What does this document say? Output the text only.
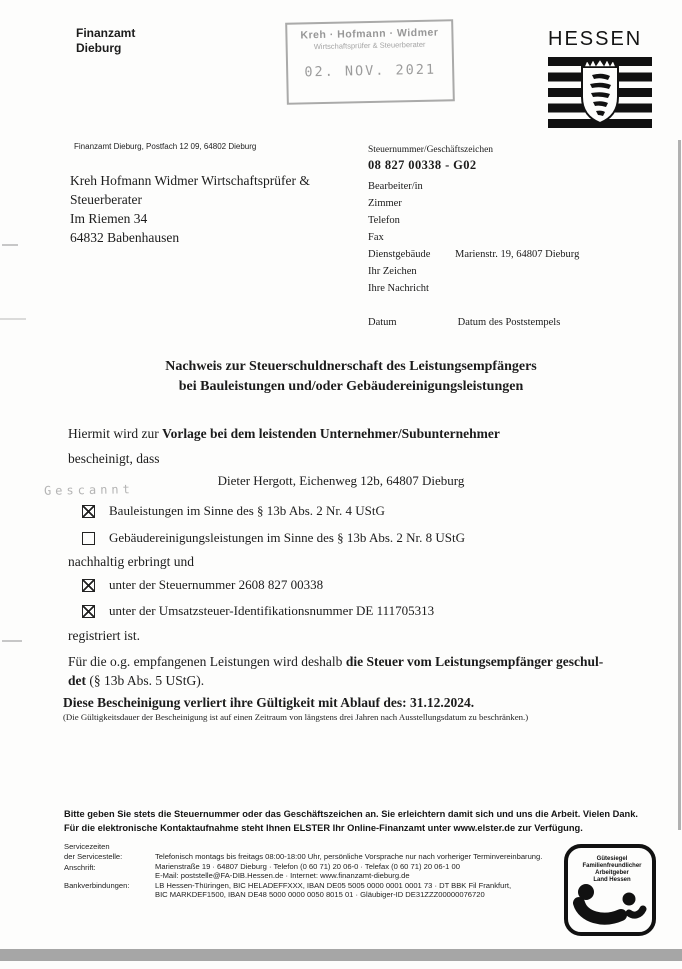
Finanzamt
Dieburg
Kreh · Hofmann · Widmer
Wirtschaftsprüfer & Steuerberater
02. NOV. 2021
HESSEN
Finanzamt Dieburg, Postfach 12 09, 64802 Dieburg
Kreh Hofmann Widmer Wirtschaftsprüfer &
Steuerberater
Im Riemen 34
64832 Babenhausen
Steuernummer/Geschäftszeichen
08 827 00338 - G02
Bearbeiter/in
Zimmer
Telefon
Fax
Dienstgebäude Marienstr. 19, 64807 Dieburg
Ihr Zeichen
Ihre Nachricht
Datum	Datum des Poststempels
Nachweis zur Steuerschuldnerschaft des Leistungsempfängers
bei Bauleistungen und/oder Gebäudereinigungsleistungen
Hiermit wird zur Vorlage bei dem leistenden Unternehmer/Subunternehmer
bescheinigt, dass
Gescannt
Dieter Hergott, Eichenweg 12b, 64807 Dieburg
Bauleistungen im Sinne des § 13b Abs. 2 Nr. 4 UStG
Gebäudereinigungsleistungen im Sinne des § 13b Abs. 2 Nr. 8 UStG
nachhaltig erbringt und
unter der Steuernummer 2608 827 00338
unter der Umsatzsteuer-Identifikationsnummer DE 111705313
registriert ist.
Für die o.g. empfangenen Leistungen wird deshalb die Steuer vom Leistungsempfänger geschul-
det (§ 13b Abs. 5 UStG).
Diese Bescheinigung verliert ihre Gültigkeit mit Ablauf des: 31.12.2024.
(Die Gültigkeitsdauer der Bescheinigung ist auf einen Zeitraum von längstens drei Jahren nach Ausstellungsdatum zu beschränken.)
Bitte geben Sie stets die Steuernummer oder das Geschäftszeichen an. Sie erleichtern damit sich und uns die Arbeit. Vielen Dank.
Für die elektronische Kontaktaufnahme steht Ihnen ELSTER Ihr Online-Finanzamt unter www.elster.de zur Verfügung.
Servicezeiten
der Servicestelle:
Anschrift:
Bankverbindungen:
Telefonisch montags bis freitags 08:00-18:00 Uhr, persönliche Vorsprache nur nach vorheriger Terminvereinbarung.
Marienstraße 19 · 64807 Dieburg · Telefon (0 60 71) 20 06-0 · Telefax (0 60 71) 20 06-1 00
E-Mail: poststelle@FA-DIB.Hessen.de · Internet: www.finanzamt-dieburg.de
LB Hessen-Thüringen, BIC HELADEFFXXX, IBAN DE05 5005 0000 0001 0001 73 · DT BBK Fil Frankfurt,
BIC MARKDEF1500, IBAN DE48 5000 0000 0050 8015 01 · Gläubiger-ID DE31ZZZ00000076720
Gütesiegel
Familienfreundlicher
Arbeitgeber
Land Hessen
